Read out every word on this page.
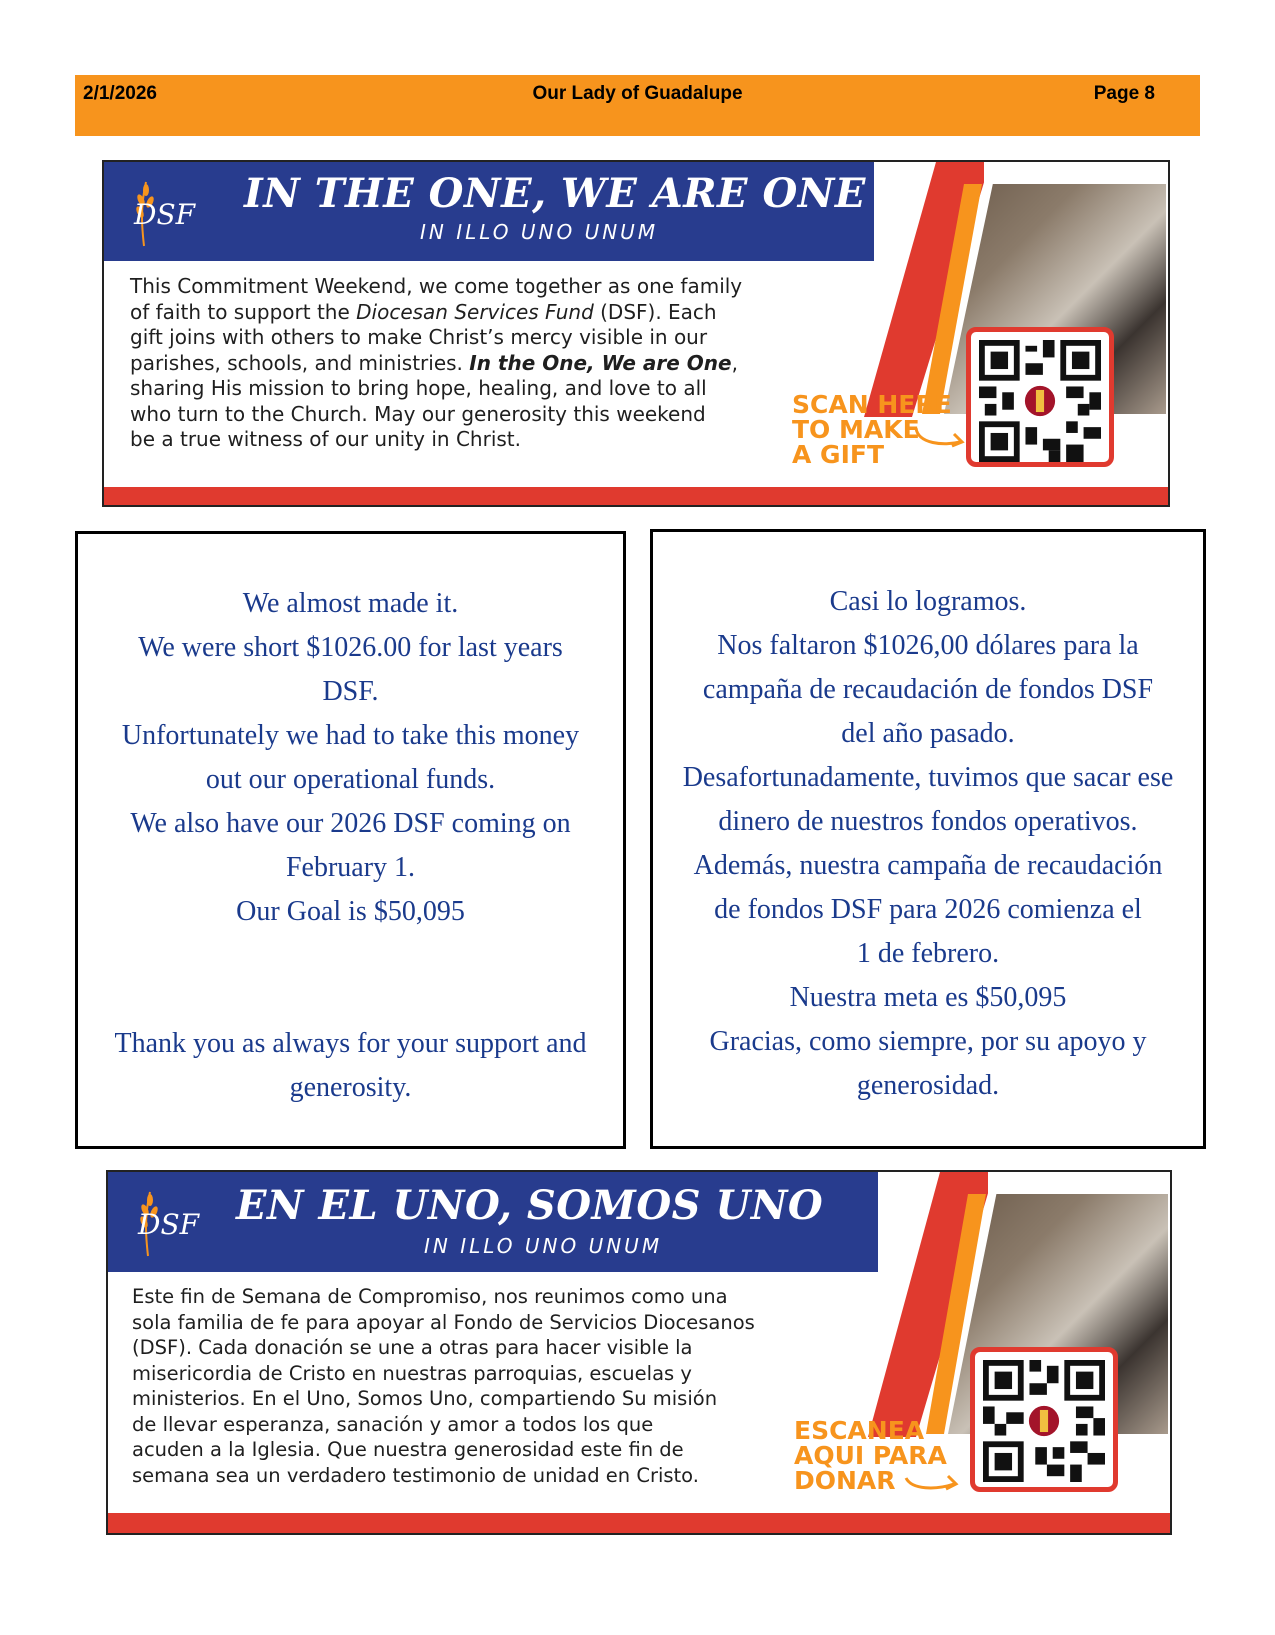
2/1/2026	Our Lady of Guadalupe	Page 8
DSF IN THE ONE, WE ARE ONE
IN ILLO UNO UNUM
This Commitment Weekend, we come together as one family
of faith to support the Diocesan Services Fund (DSF). Each
gift joins with others to make Christ’s mercy visible in our
parishes, schools, and ministries. In the One, We are One,
sharing His mission to bring hope, healing, and love to all
who turn to the Church. May our generosity this weekend
be a true witness of our unity in Christ.
SCAN HERE
TO MAKE
A GIFT
We almost made it.
We were short $1026.00 for last years
DSF.
Unfortunately we had to take this money
out our operational funds.
We also have our 2026 DSF coming on
February 1.
Our Goal is $50,095
Thank you as always for your support and
generosity.
Casi lo logramos.
Nos faltaron $1026,00 dólares para la
campaña de recaudación de fondos DSF
del año pasado.
Desafortunadamente, tuvimos que sacar ese
dinero de nuestros fondos operativos.
Además, nuestra campaña de recaudación
de fondos DSF para 2026 comienza el
1 de febrero.
Nuestra meta es $50,095
Gracias, como siempre, por su apoyo y
generosidad.
DSF EN EL UNO, SOMOS UNO
IN ILLO UNO UNUM
Este fin de Semana de Compromiso, nos reunimos como una
sola familia de fe para apoyar al Fondo de Servicios Diocesanos
(DSF). Cada donación se une a otras para hacer visible la
misericordia de Cristo en nuestras parroquias, escuelas y
ministerios. En el Uno, Somos Uno, compartiendo Su misión
de llevar esperanza, sanación y amor a todos los que
acuden a la Iglesia. Que nuestra generosidad este fin de
semana sea un verdadero testimonio de unidad en Cristo.
ESCANEA
AQUI PARA
DONAR
